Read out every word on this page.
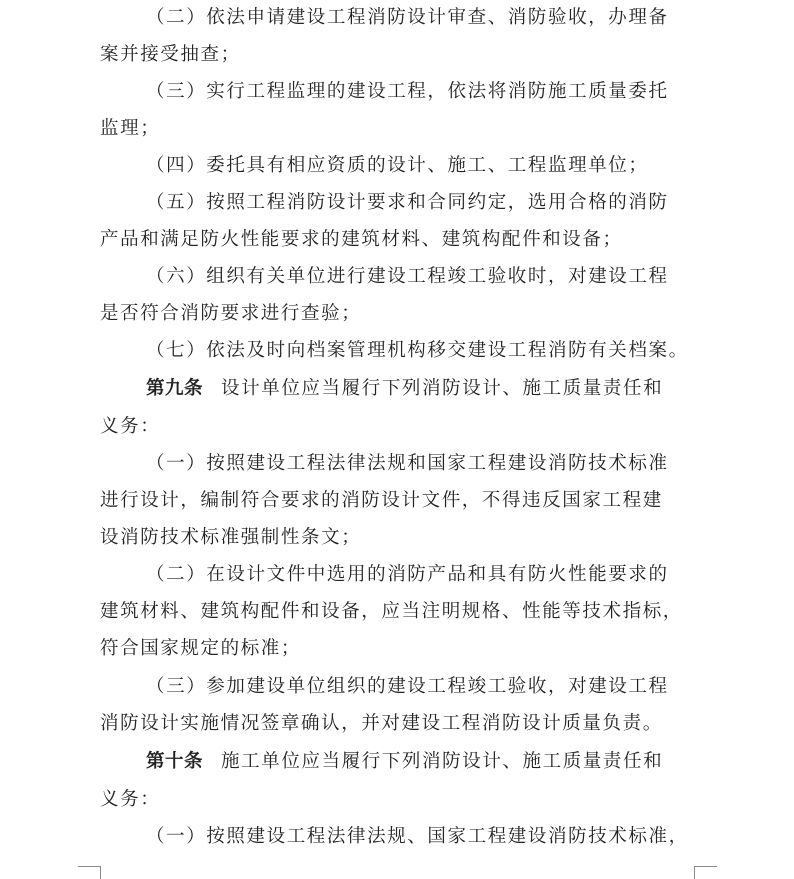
（二）依法申请建设工程消防设计审查、消防验收，办理备
案并接受抽查；
（三）实行工程监理的建设工程，依法将消防施工质量委托
监理；
（四）委托具有相应资质的设计、施工、工程监理单位；
（五）按照工程消防设计要求和合同约定，选用合格的消防
产品和满足防火性能要求的建筑材料、建筑构配件和设备；
（六）组织有关单位进行建设工程竣工验收时，对建设工程
是否符合消防要求进行查验；
（七）依法及时向档案管理机构移交建设工程消防有关档案。
第九条 设计单位应当履行下列消防设计、施工质量责任和
义务：
（一）按照建设工程法律法规和国家工程建设消防技术标准
进行设计，编制符合要求的消防设计文件，不得违反国家工程建
设消防技术标准强制性条文；
（二）在设计文件中选用的消防产品和具有防火性能要求的
建筑材料、建筑构配件和设备，应当注明规格、性能等技术指标，
符合国家规定的标准；
（三）参加建设单位组织的建设工程竣工验收，对建设工程
消防设计实施情况签章确认，并对建设工程消防设计质量负责。
第十条 施工单位应当履行下列消防设计、施工质量责任和
义务：
（一）按照建设工程法律法规、国家工程建设消防技术标准，
